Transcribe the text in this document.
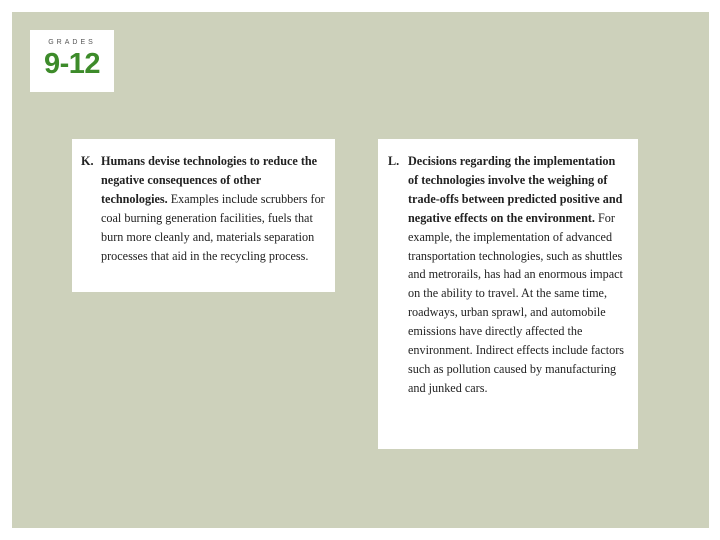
GRADES
9-12
K. Humans devise technologies to reduce the negative consequences of other technologies. Examples include scrubbers for coal burning generation facilities, fuels that burn more cleanly and, materials separation processes that aid in the recycling process.
L. Decisions regarding the implementation of technologies involve the weighing of trade-offs between predicted positive and negative effects on the environment. For example, the implementation of advanced transportation technologies, such as shuttles and metrorails, has had an enormous impact on the ability to travel. At the same time, roadways, urban sprawl, and automobile emissions have directly affected the environment. Indirect effects include factors such as pollution caused by manufacturing and junked cars.
